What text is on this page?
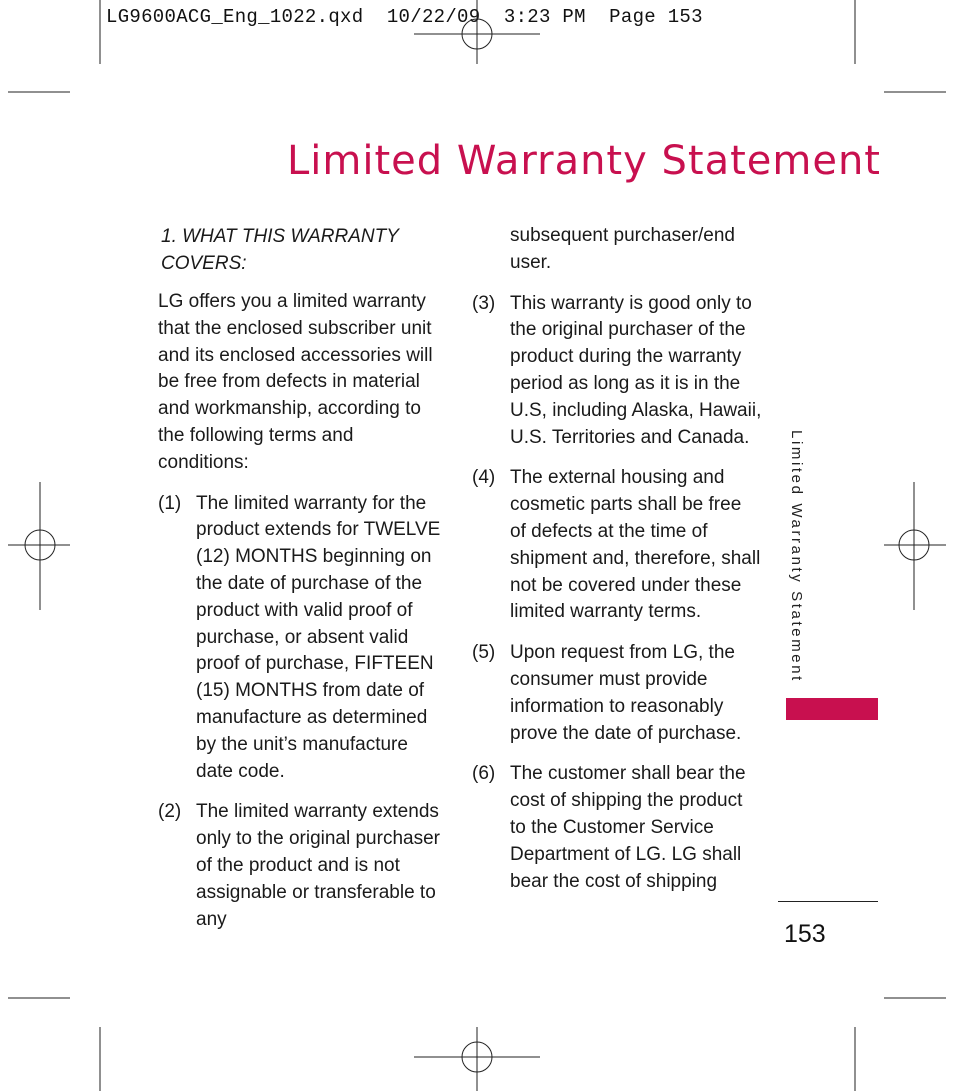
LG9600ACG_Eng_1022.qxd  10/22/09  3:23 PM  Page 153
Limited Warranty Statement

1. WHAT THIS WARRANTY
COVERS:

LG offers you a limited warranty that the enclosed subscriber unit and its enclosed accessories will be free from defects in material and workmanship, according to the following terms and conditions:

(1) The limited warranty for the product extends for TWELVE (12) MONTHS beginning on the date of purchase of the product with valid proof of purchase, or absent valid proof of purchase, FIFTEEN (15) MONTHS from date of manufacture as determined by the unit’s manufacture date code.
(2) The limited warranty extends only to the original purchaser of the product and is not assignable or transferable to any
subsequent purchaser/end user.
(3) This warranty is good only to the original purchaser of the product during the warranty period as long as it is in the U.S, including Alaska, Hawaii, U.S. Territories and Canada.
(4) The external housing and cosmetic parts shall be free of defects at the time of shipment and, therefore, shall not be covered under these limited warranty terms.
(5) Upon request from LG, the consumer must provide information to reasonably prove the date of purchase.
(6) The customer shall bear the cost of shipping the product to the Customer Service Department of LG. LG shall bear the cost of shipping
Limited Warranty Statement
153
